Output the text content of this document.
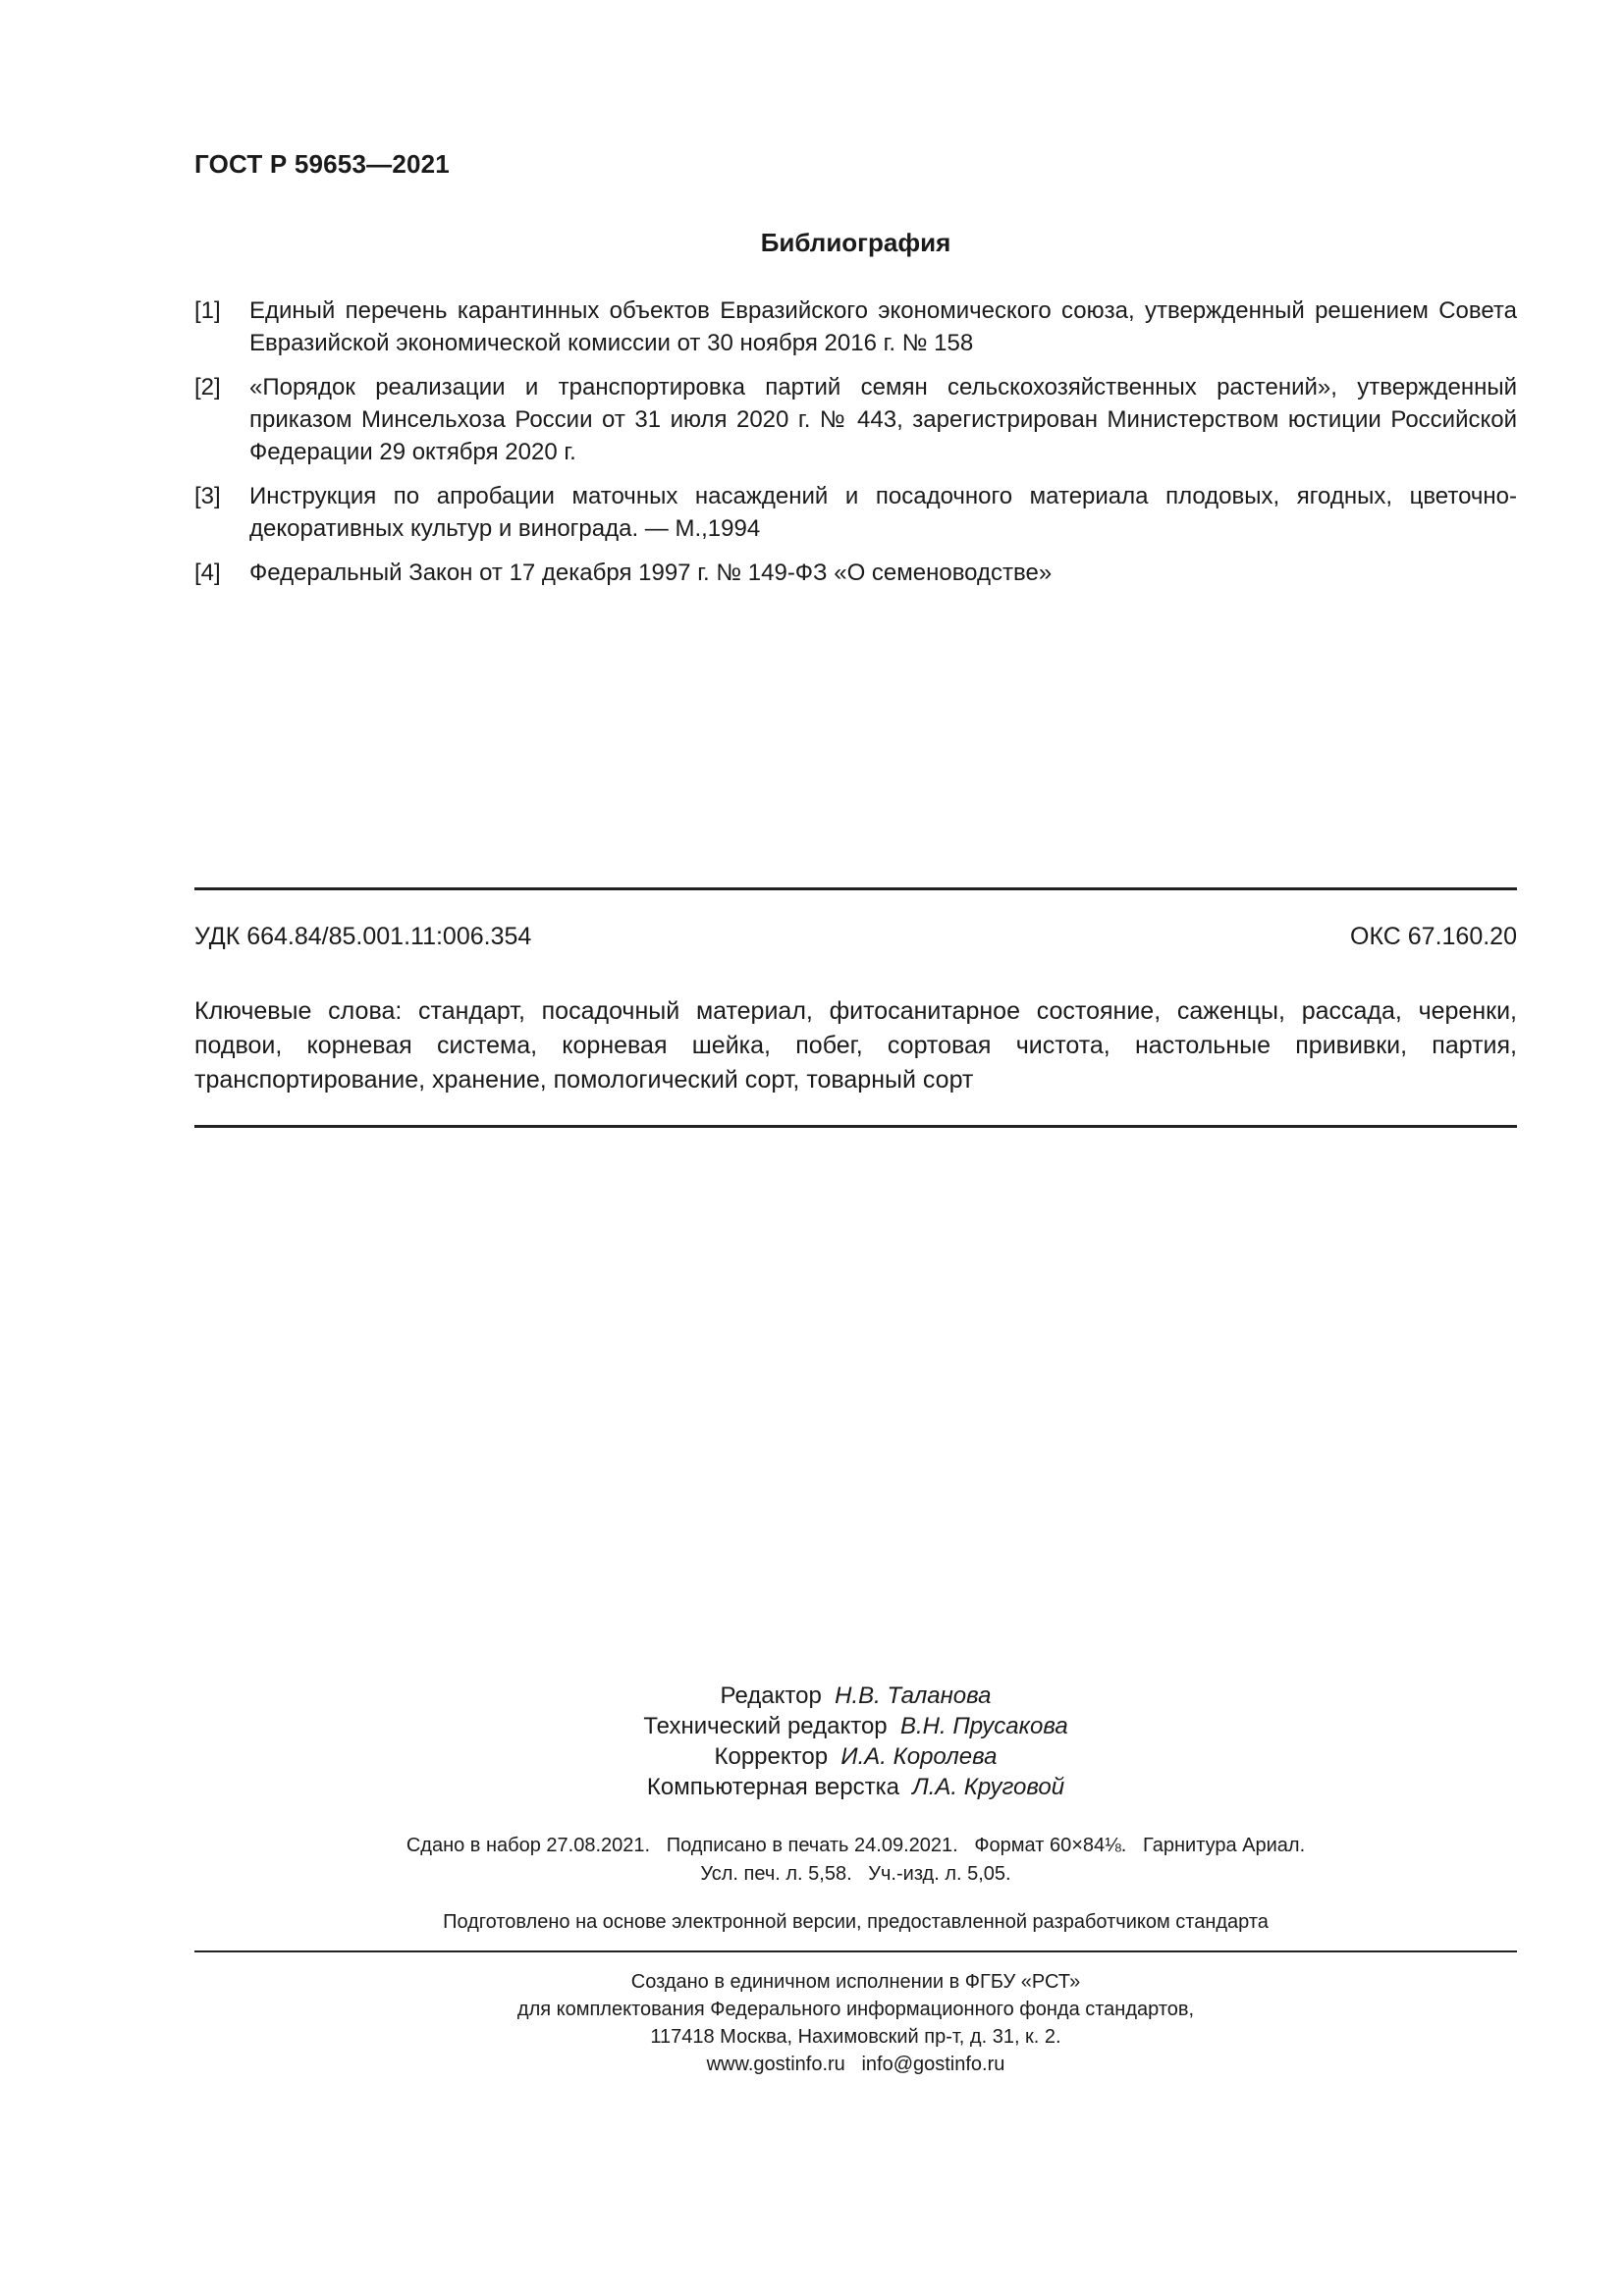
ГОСТ Р 59653—2021
Библиография
[1]	Единый перечень карантинных объектов Евразийского экономического союза, утвержденный решением Совета Евразийской экономической комиссии от 30 ноября 2016 г. № 158
[2]	«Порядок реализации и транспортировка партий семян сельскохозяйственных растений», утвержденный приказом Минсельхоза России от 31 июля 2020 г. № 443, зарегистрирован Министерством юстиции Российской Федерации 29 октября 2020 г.
[3]	Инструкция по апробации маточных насаждений и посадочного материала плодовых, ягодных, цветочно-декоративных культур и винограда. — М.,1994
[4]	Федеральный Закон от 17 декабря 1997 г. № 149-ФЗ «О семеноводстве»
УДК 664.84/85.001.11:006.354	ОКС 67.160.20
Ключевые слова: стандарт, посадочный материал, фитосанитарное состояние, саженцы, рассада, черенки, подвои, корневая система, корневая шейка, побег, сортовая чистота, настольные прививки, партия, транспортирование, хранение, помологический сорт, товарный сорт
Редактор Н.В. Таланова
Технический редактор В.Н. Прусакова
Корректор И.А. Королева
Компьютерная верстка Л.А. Круговой
Сдано в набор 27.08.2021.   Подписано в печать 24.09.2021.   Формат 60×84⅛.   Гарнитура Ариал.
Усл. печ. л. 5,58.   Уч.-изд. л. 5,05.
Подготовлено на основе электронной версии, предоставленной разработчиком стандарта
Создано в единичном исполнении в ФГБУ «РСТ»
для комплектования Федерального информационного фонда стандартов,
117418 Москва, Нахимовский пр-т, д. 31, к. 2.
www.gostinfo.ru   info@gostinfo.ru
